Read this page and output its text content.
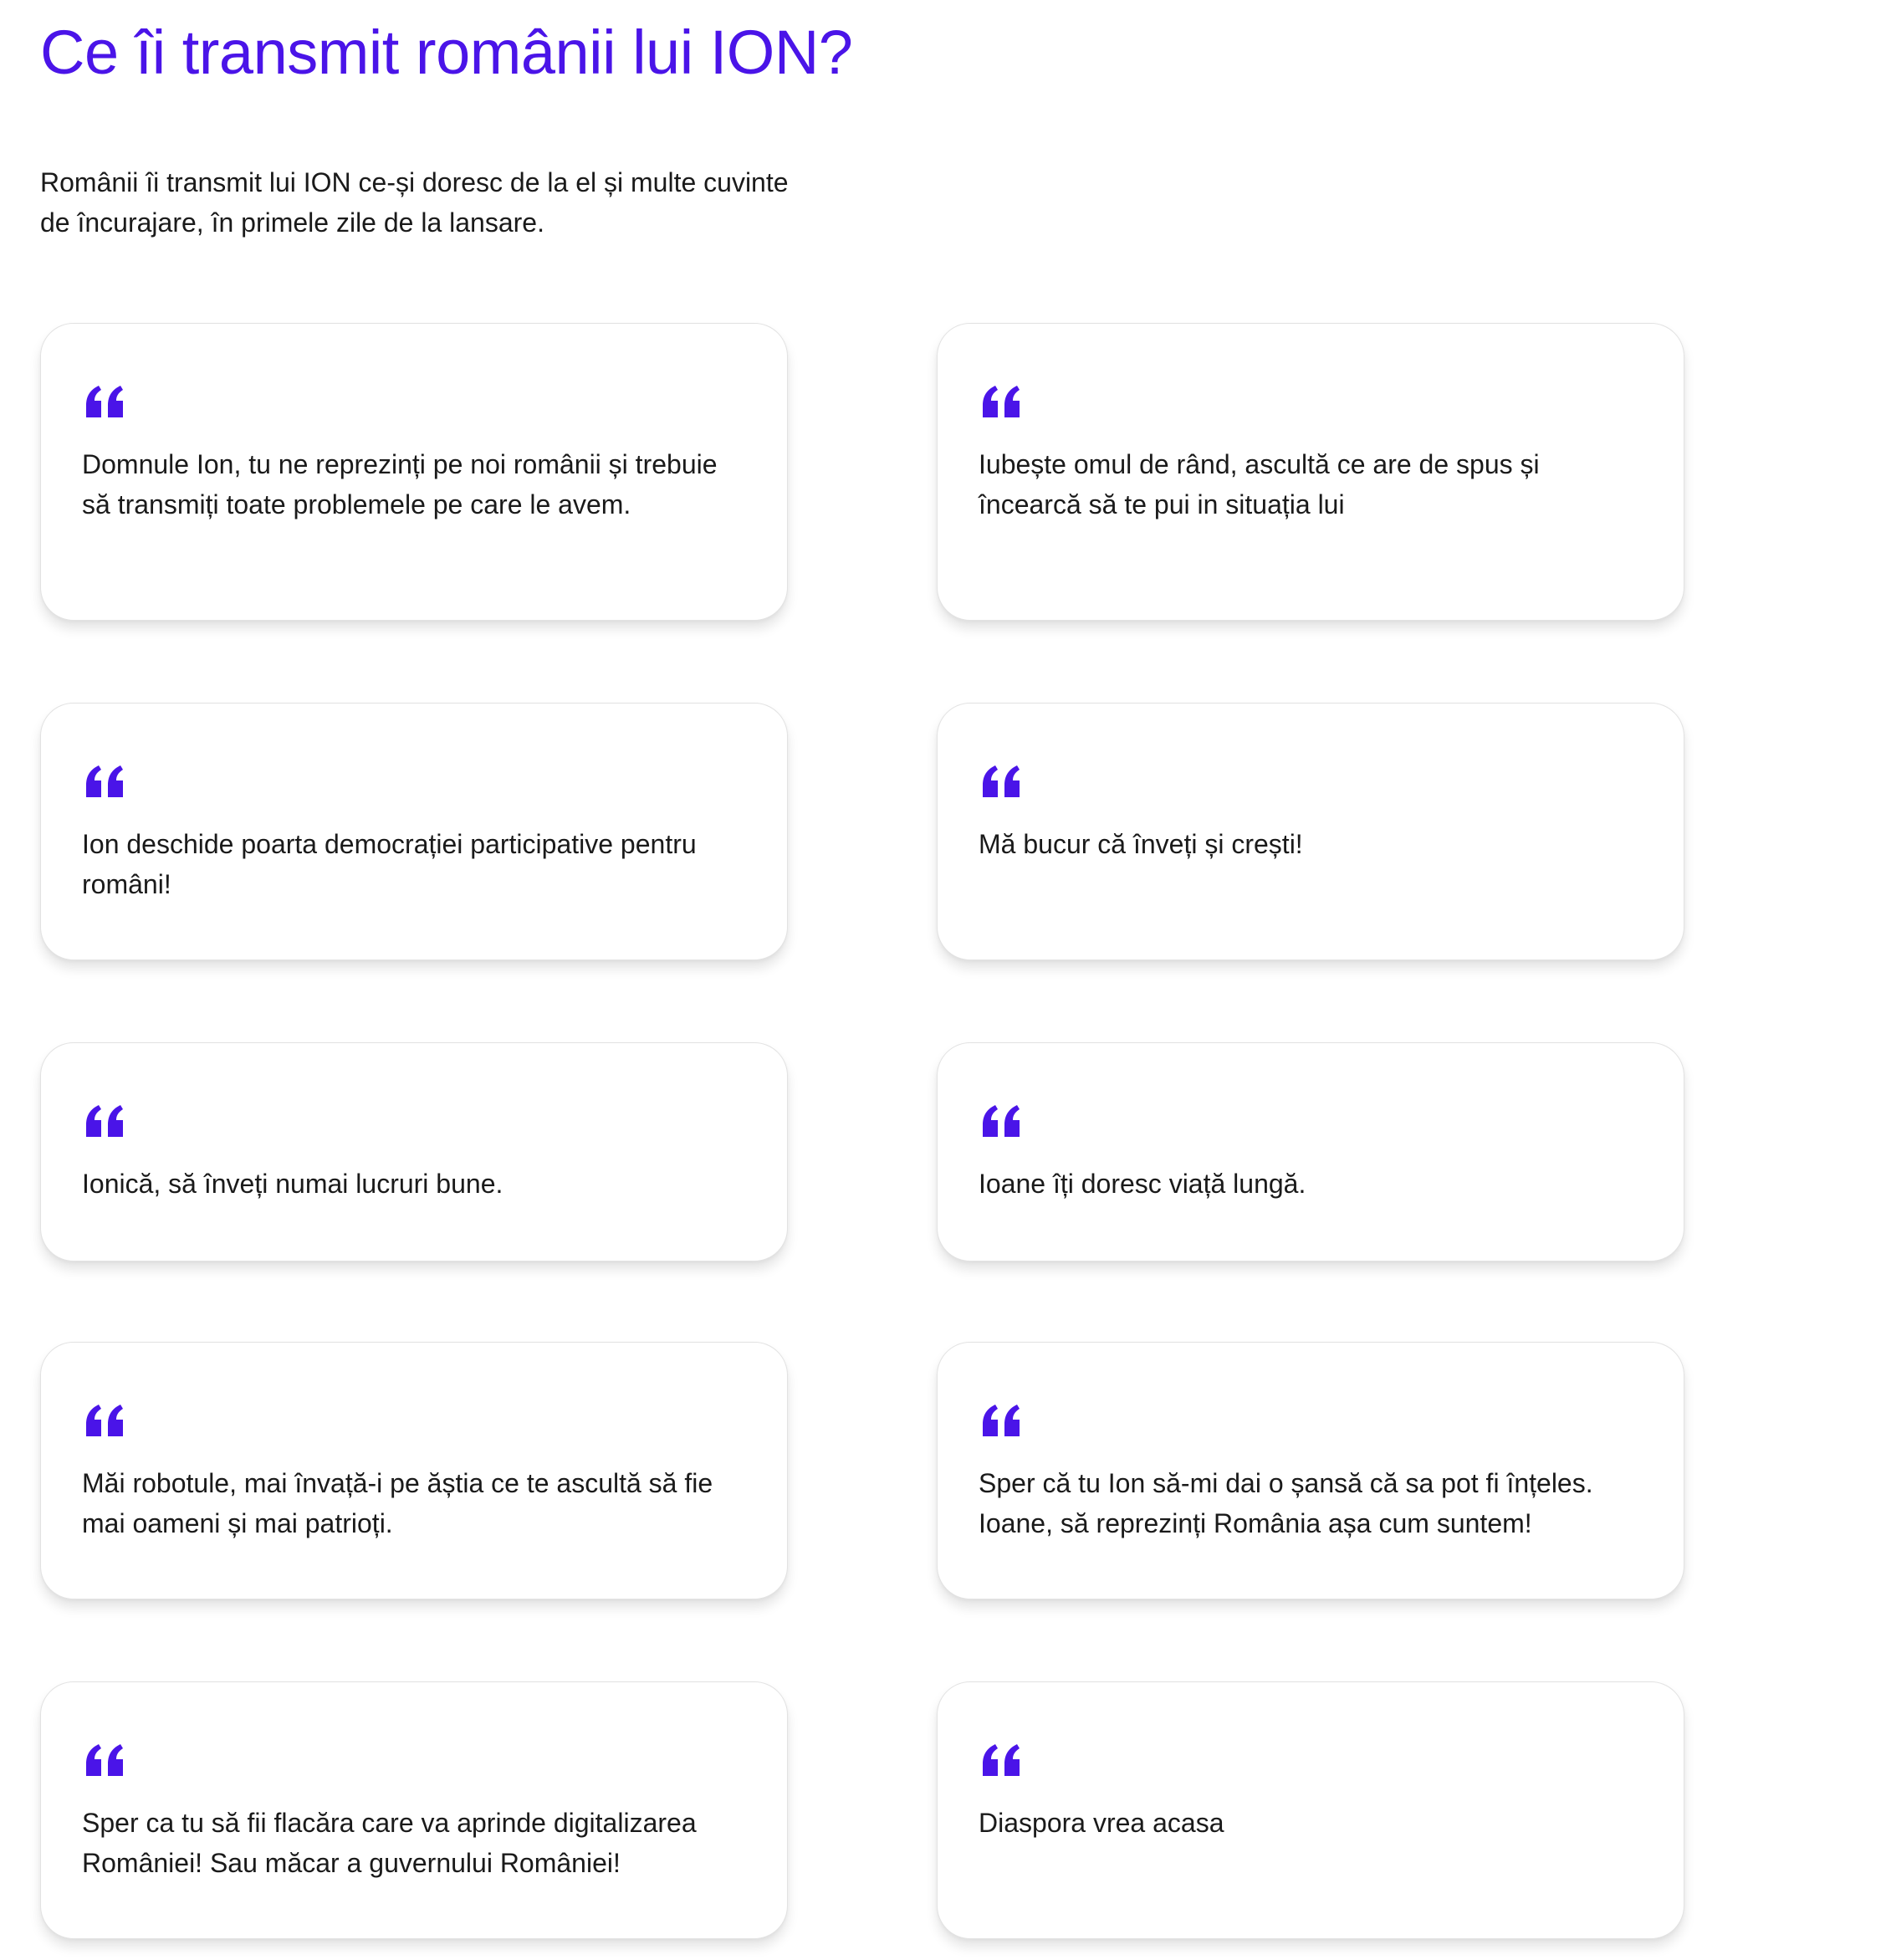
Ce îi transmit românii lui ION?

Românii îi transmit lui ION ce-și doresc de la el și multe cuvinte de încurajare, în primele zile de la lansare.

Domnule Ion, tu ne reprezinți pe noi românii și trebuie să transmiți toate problemele pe care le avem.

Iubește omul de rând, ascultă ce are de spus și încearcă să te pui in situația lui

Ion deschide poarta democrației participative pentru români!

Mă bucur că înveți și crești!

Ionică, să înveți numai lucruri bune.	Ioane îți doresc viață lungă.

Măi robotule, mai învață-i pe ăștia ce te ascultă să fie mai oameni și mai patrioți.

Sper că tu Ion să-mi dai o șansă că sa pot fi înțeles. Ioane, să reprezinți România așa cum suntem!

Sper ca tu să fii flacăra care va aprinde digitalizarea României! Sau măcar a guvernului României!

Diaspora vrea acasa
